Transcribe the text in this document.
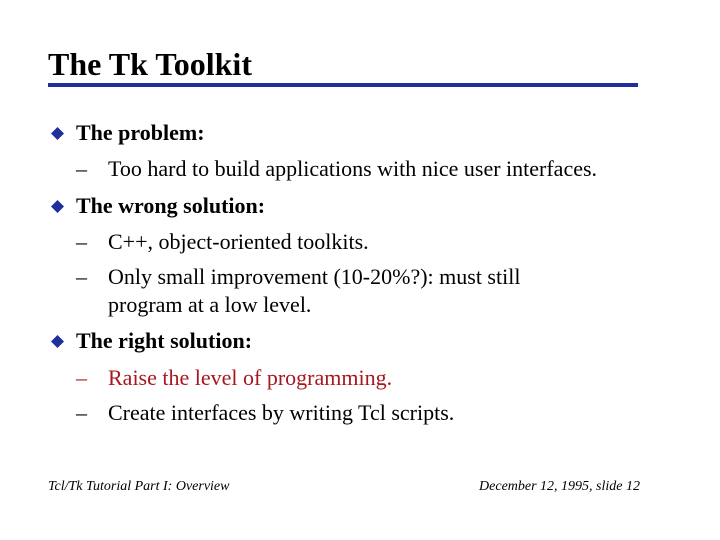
The Tk Toolkit
The problem:
– Too hard to build applications with nice user interfaces.
The wrong solution:
– C++, object-oriented toolkits.
– Only small improvement (10-20%?): must still
program at a low level.
The right solution:
– Raise the level of programming.
– Create interfaces by writing Tcl scripts.
Tcl/Tk Tutorial Part I: Overview	December 12, 1995, slide 12
